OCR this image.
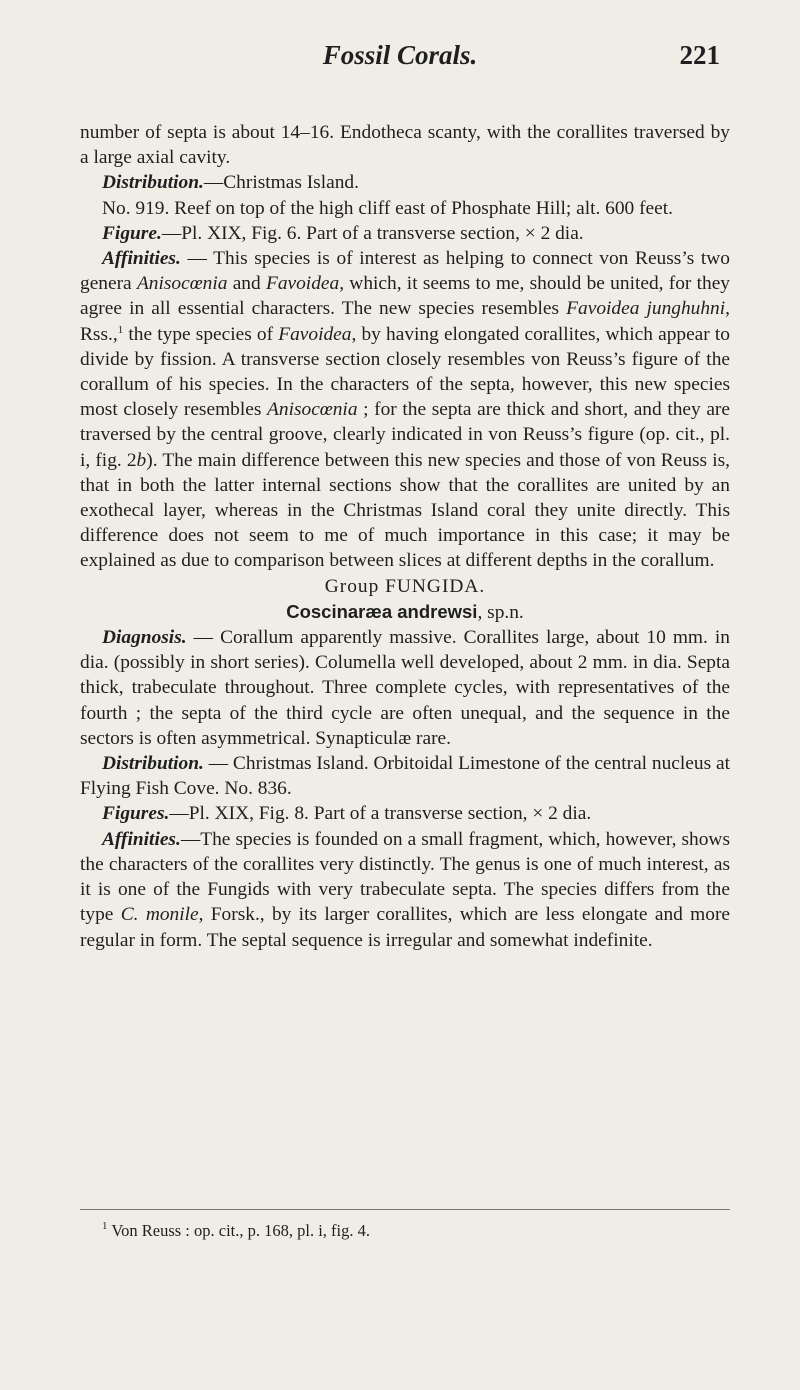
Fossil Corals.	221

number of septa is about 14–16. Endotheca scanty, with the corallites traversed by a large axial cavity.

Distribution.—Christmas Island.

No. 919. Reef on top of the high cliff east of Phosphate Hill; alt. 600 feet.

Figure.—Pl. XIX, Fig. 6. Part of a transverse section, × 2 dia.

Affinities. — This species is of interest as helping to connect von Reuss’s two genera Anisocœnia and Favoidea, which, it seems to me, should be united, for they agree in all essential characters. The new species resembles Favoidea junghuhni, Rss.,$^1$ the type species of Favoidea, by having elongated corallites, which appear to divide by fission. A transverse section closely resembles von Reuss’s figure of the corallum of his species. In the characters of the septa, however, this new species most closely resembles Anisocœnia ; for the septa are thick and short, and they are traversed by the central groove, clearly indicated in von Reuss’s figure (op. cit., pl. i, fig. 2b). The main difference between this new species and those of von Reuss is, that in both the latter internal sections show that the corallites are united by an exothecal layer, whereas in the Christmas Island coral they unite directly. This difference does not seem to me of much importance in this case; it may be explained as due to comparison between slices at different depths in the corallum.

Group FUNGIDA.

Coscinaræa andrewsi, sp.n.

Diagnosis. — Corallum apparently massive. Corallites large, about 10 mm. in dia. (possibly in short series). Columella well developed, about 2 mm. in dia. Septa thick, trabeculate throughout. Three complete cycles, with representatives of the fourth ; the septa of the third cycle are often unequal, and the sequence in the sectors is often asymmetrical. Synapticulæ rare.

Distribution. — Christmas Island. Orbitoidal Limestone of the central nucleus at Flying Fish Cove. No. 836.

Figures.—Pl. XIX, Fig. 8. Part of a transverse section, × 2 dia.

Affinities.—The species is founded on a small fragment, which, however, shows the characters of the corallites very distinctly. The genus is one of much interest, as it is one of the Fungids with very trabeculate septa. The species differs from the type C. monile, Forsk., by its larger corallites, which are less elongate and more regular in form. The septal sequence is irregular and somewhat indefinite.

$^1$ Von Reuss : op. cit., p. 168, pl. i, fig. 4.
